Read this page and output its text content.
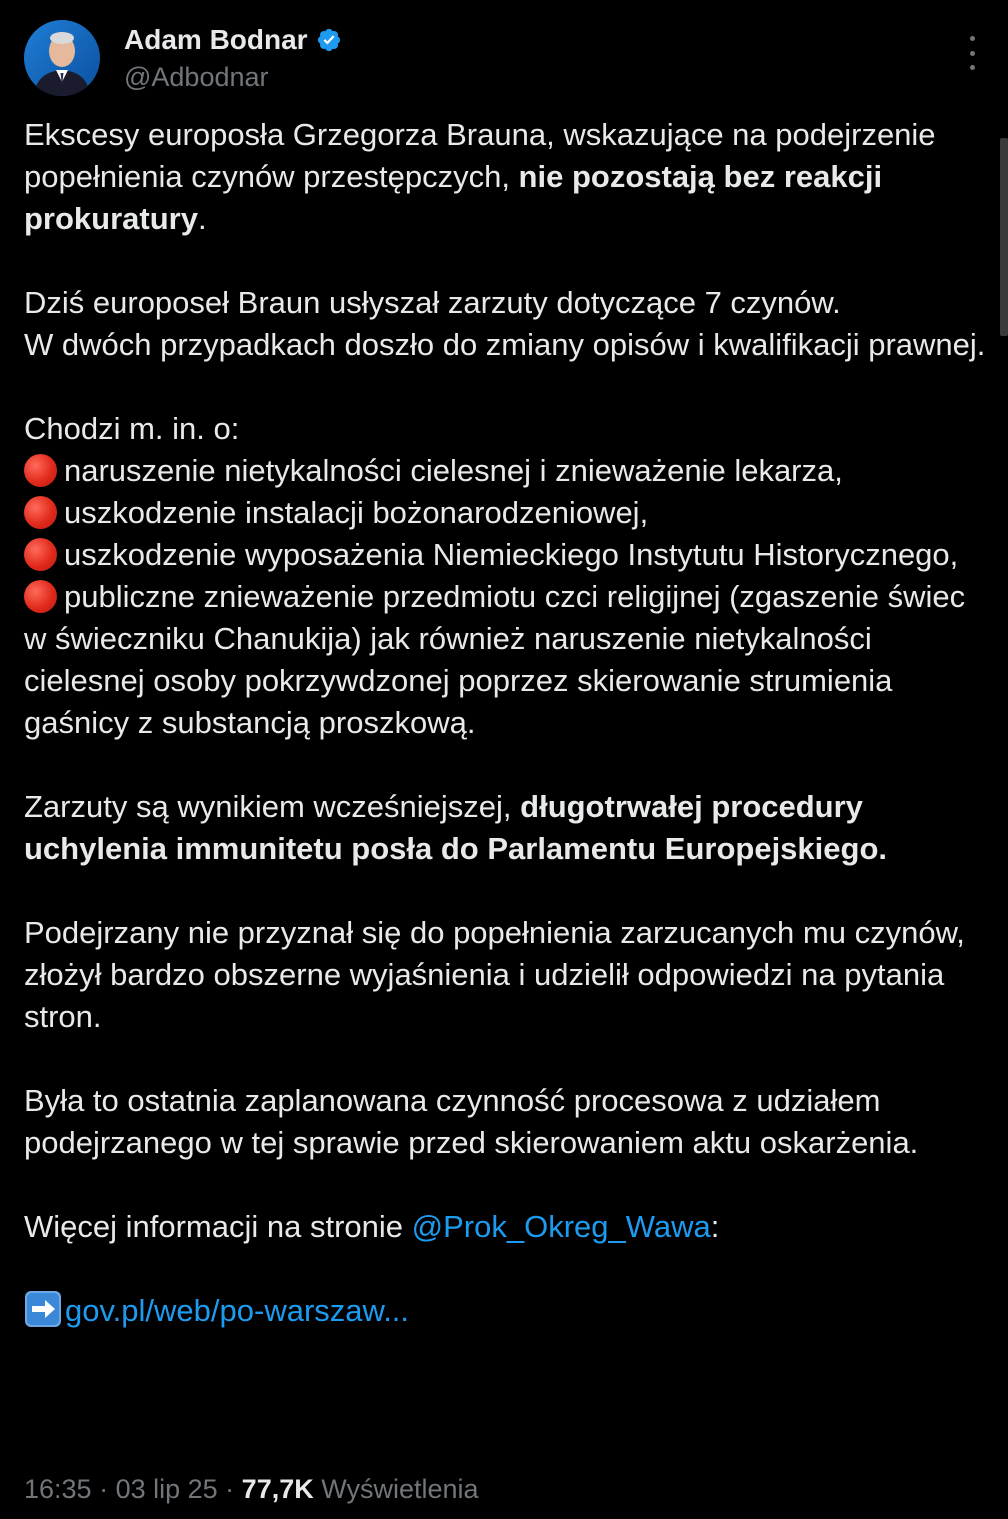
Adam Bodnar
@Adbodnar

Ekscesy europosła Grzegorza Brauna, wskazujące na podejrzenie popełnienia czynów przestępczych, nie pozostają bez reakcji prokuratury.

Dziś europoseł Braun usłyszał zarzuty dotyczące 7 czynów.
W dwóch przypadkach doszło do zmiany opisów i kwalifikacji prawnej.

Chodzi m. in. o:
naruszenie nietykalności cielesnej i znieważenie lekarza,
uszkodzenie instalacji bożonarodzeniowej,
uszkodzenie wyposażenia Niemieckiego Instytutu Historycznego,
publiczne znieważenie przedmiotu czci religijnej (zgaszenie świec w świeczniku Chanukija) jak również naruszenie nietykalności cielesnej osoby pokrzywdzonej poprzez skierowanie strumienia gaśnicy z substancją proszkową.

Zarzuty są wynikiem wcześniejszej, długotrwałej procedury uchylenia immunitetu posła do Parlamentu Europejskiego.

Podejrzany nie przyznał się do popełnienia zarzucanych mu czynów, złożył bardzo obszerne wyjaśnienia i udzielił odpowiedzi na pytania stron.

Była to ostatnia zaplanowana czynność procesowa z udziałem podejrzanego w tej sprawie przed skierowaniem aktu oskarżenia.

Więcej informacji na stronie @Prok_Okreg_Wawa:

gov.pl/web/po-warszaw...

16:35 · 03 lip 25 · 77,7K Wyświetlenia
